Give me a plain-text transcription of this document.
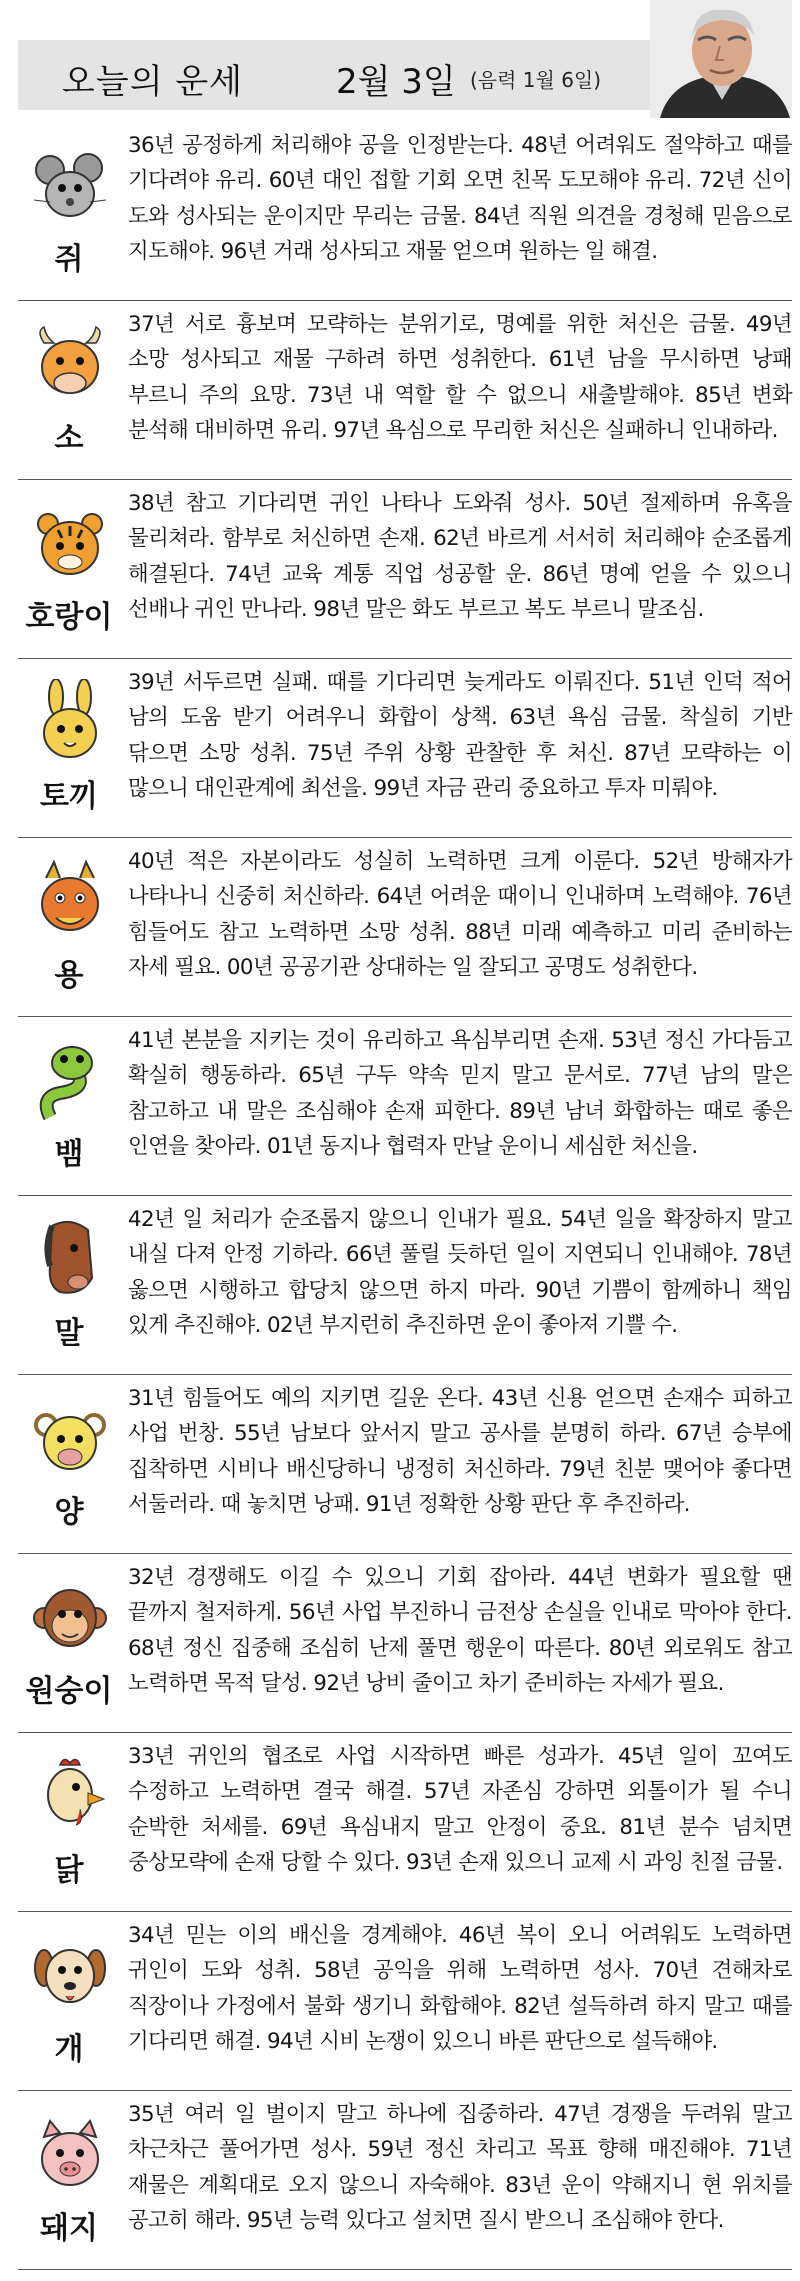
오늘의 운세	2월 3일 (음력 1월 6일)
쥐
36년 공정하게 처리해야 공을 인정받는다. 48년 어려워도 절약하고 때를 기다려야 유리. 60년 대인 접할 기회 오면 친목 도모해야 유리. 72년 신이 도와 성사되는 운이지만 무리는 금물. 84년 직원 의견을 경청해 믿음으로 지도해야. 96년 거래 성사되고 재물 얻으며 원하는 일 해결.
소
37년 서로 흉보며 모략하는 분위기로, 명예를 위한 처신은 금물. 49년 소망 성사되고 재물 구하려 하면 성취한다. 61년 남을 무시하면 낭패 부르니 주의 요망. 73년 내 역할 할 수 없으니 새출발해야. 85년 변화 분석해 대비하면 유리. 97년 욕심으로 무리한 처신은 실패하니 인내하라.
호랑이
38년 참고 기다리면 귀인 나타나 도와줘 성사. 50년 절제하며 유혹을 물리쳐라. 함부로 처신하면 손재. 62년 바르게 서서히 처리해야 순조롭게 해결된다. 74년 교육 계통 직업 성공할 운. 86년 명예 얻을 수 있으니 선배나 귀인 만나라. 98년 말은 화도 부르고 복도 부르니 말조심.
토끼
39년 서두르면 실패. 때를 기다리면 늦게라도 이뤄진다. 51년 인덕 적어 남의 도움 받기 어려우니 화합이 상책. 63년 욕심 금물. 착실히 기반 닦으면 소망 성취. 75년 주위 상황 관찰한 후 처신. 87년 모략하는 이 많으니 대인관계에 최선을. 99년 자금 관리 중요하고 투자 미뤄야.
용
40년 적은 자본이라도 성실히 노력하면 크게 이룬다. 52년 방해자가 나타나니 신중히 처신하라. 64년 어려운 때이니 인내하며 노력해야. 76년 힘들어도 참고 노력하면 소망 성취. 88년 미래 예측하고 미리 준비하는 자세 필요. 00년 공공기관 상대하는 일 잘되고 공명도 성취한다.
뱀
41년 본분을 지키는 것이 유리하고 욕심부리면 손재. 53년 정신 가다듬고 확실히 행동하라. 65년 구두 약속 믿지 말고 문서로. 77년 남의 말은 참고하고 내 말은 조심해야 손재 피한다. 89년 남녀 화합하는 때로 좋은 인연을 찾아라. 01년 동지나 협력자 만날 운이니 세심한 처신을.
말
42년 일 처리가 순조롭지 않으니 인내가 필요. 54년 일을 확장하지 말고 내실 다져 안정 기하라. 66년 풀릴 듯하던 일이 지연되니 인내해야. 78년 옳으면 시행하고 합당치 않으면 하지 마라. 90년 기쁨이 함께하니 책임 있게 추진해야. 02년 부지런히 추진하면 운이 좋아져 기쁠 수.
양
31년 힘들어도 예의 지키면 길운 온다. 43년 신용 얻으면 손재수 피하고 사업 번창. 55년 남보다 앞서지 말고 공사를 분명히 하라. 67년 승부에 집착하면 시비나 배신당하니 냉정히 처신하라. 79년 친분 맺어야 좋다면 서둘러라. 때 놓치면 낭패. 91년 정확한 상황 판단 후 추진하라.
원숭이
32년 경쟁해도 이길 수 있으니 기회 잡아라. 44년 변화가 필요할 땐 끝까지 철저하게. 56년 사업 부진하니 금전상 손실을 인내로 막아야 한다. 68년 정신 집중해 조심히 난제 풀면 행운이 따른다. 80년 외로워도 참고 노력하면 목적 달성. 92년 낭비 줄이고 차기 준비하는 자세가 필요.
닭
33년 귀인의 협조로 사업 시작하면 빠른 성과가. 45년 일이 꼬여도 수정하고 노력하면 결국 해결. 57년 자존심 강하면 외톨이가 될 수니 순박한 처세를. 69년 욕심내지 말고 안정이 중요. 81년 분수 넘치면 중상모략에 손재 당할 수 있다. 93년 손재 있으니 교제 시 과잉 친절 금물.
개
34년 믿는 이의 배신을 경계해야. 46년 복이 오니 어려워도 노력하면 귀인이 도와 성취. 58년 공익을 위해 노력하면 성사. 70년 견해차로 직장이나 가정에서 불화 생기니 화합해야. 82년 설득하려 하지 말고 때를 기다리면 해결. 94년 시비 논쟁이 있으니 바른 판단으로 설득해야.
돼지
35년 여러 일 벌이지 말고 하나에 집중하라. 47년 경쟁을 두려워 말고 차근차근 풀어가면 성사. 59년 정신 차리고 목표 향해 매진해야. 71년 재물은 계획대로 오지 않으니 자숙해야. 83년 운이 약해지니 현 위치를 공고히 해라. 95년 능력 있다고 설치면 질시 받으니 조심해야 한다.
